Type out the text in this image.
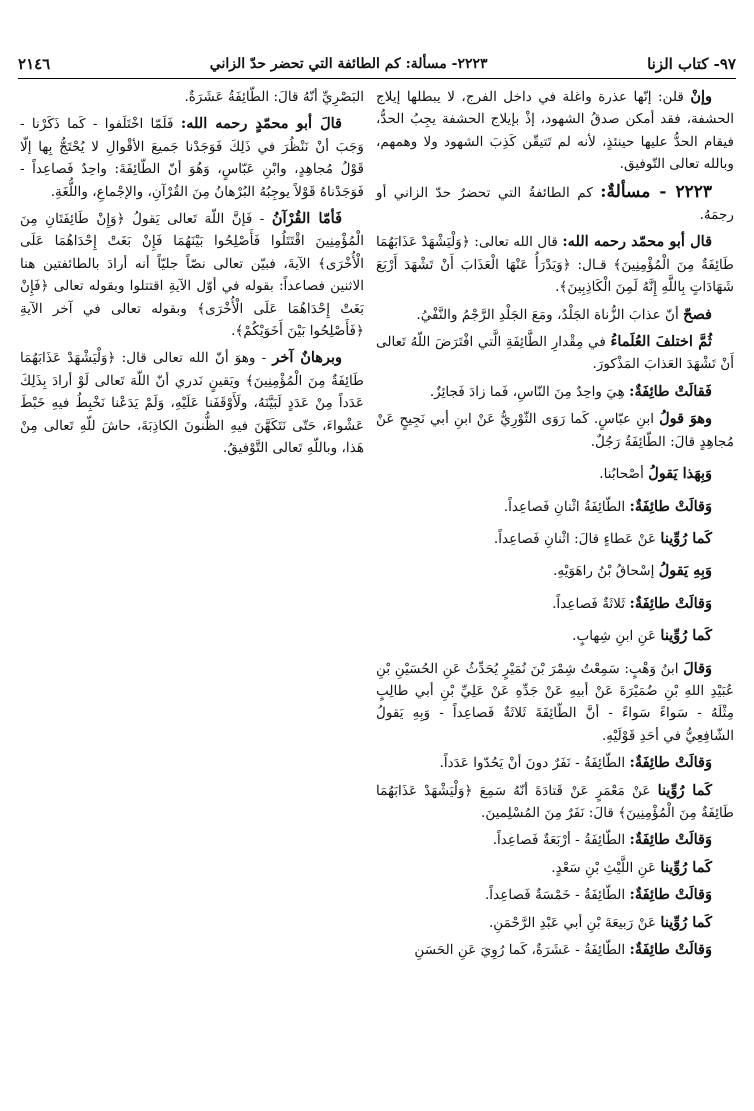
٩٧- كتاب الزنا
٢٢٢٣- مسألة: كم الطائفة التي تحضر حدّ الزاني
٢١٤٦

وإنْ قلن: إنّها عذرة واغلة في داخل الفرج، لا يبطلها إيلاج الحشفة، فقد أمكن صدقُ الشهود، إذْ بإيلاج الحشفة يجِبُ الحدُّ، فيقام الحدُّ عليها حينئذٍ، لأنه لم تَتيقّن كَذِبَ الشهود ولا وهمهم، وبالله تعالى التّوفيق.

٢٢٢٣ - مسألةٌ: كم الطائفةُ التي تحضرُ حدّ الزاني أو رجمَهُ.

قال أبو محمّد رحمه الله: قال الله تعالى: ﴿وَلْيَشْهَدْ عَذَابَهُمَا طَائِفَةٌ مِنَ الْمُؤْمِنِينَ﴾ قـال: ﴿وَيَدْرَأُ عَنْهَا الْعَذَابَ أَنْ تَشْهَدَ أَرْبَعَ شَهَادَاتٍ بِاللَّهِ إِنَّهُ لَمِنَ الْكَاذِبِينَ﴾.

فصحّ أنّ عذابَ الزُّناة الجَلْدُ، ومَعَ الجَلْدِ الرَّجْمُ والنَّفْيُ.

ثُمَّ اختلفَ العُلَماءُ في مِقْدارِ الطَّائِفَةِ الَّتي افْتَرَضَ اللّهُ تَعالى أَنْ تَشْهَدَ العَذابَ المَذْكورَ.

فَقالَتْ طائِفَةٌ: هِيَ واحِدٌ مِنَ النّاسِ، فَما زادَ فَجائِزٌ.

وهوَ قولُ ابنِ عبّاسٍ. كَما رَوَى الثّوْرِيُّ عَنْ ابنِ أبي نَجِيحٍ عَنْ مُجاهِدٍ قالَ: الطّائِفَةُ رَجُلٌ.

وَبِهَذا يَقولُ أصْحابُنا.

وَقالَتْ طائِفَةٌ: الطّائِفَةُ اثْنانِ فَصاعِداً.

كَما رُوِّينا عَنْ عَطاءٍ قالَ: اثْنانِ فَصاعِداً.

وَبِهِ يَقولُ إسْحاقُ بْنُ راهَوَيْهِ.

وَقالَتْ طائِفَةٌ: ثَلاثَةٌ فَصاعِداً.

كَما رُوِّينا عَنِ ابنِ شِهابٍ.

وَقالَ ابنُ وَهْبٍ: سَمِعْتُ شِمْرَ بْنَ نُمَيْرٍ يُحَدِّثُ عَنِ الحُسَيْنِ بْنِ عُبَيْدِ اللهِ بْنِ ضُمَيْرَةَ عَنْ أبيهِ عَنْ جَدِّهِ عَنْ عَلِيِّ بْنِ أبي طالِبٍ مِثْلَهُ - سَواءً سَواءً - أنَّ الطّائِفَةَ ثَلاثَةٌ فَصاعِداً - وَبِهِ يَقولُ الشّافِعِيُّ في أحَدِ قَوْلَيْهِ.

وَقالَتْ طائِفَةٌ: الطّائِفَةُ - نَفَرٌ دونَ أنْ يَحُدّوا عَدَداً.

كَما رُوِّينا عَنْ مَعْمَرٍ عَنْ قَتادَةَ أنّهُ سَمِعَ ﴿وَلْيَشْهَدْ عَذَابَهُمَا طَائِفَةٌ مِنَ الْمُؤْمِنِينَ﴾ قالَ: نَفَرٌ مِنَ المُسْلِمينَ.

وَقالَتْ طائِفَةٌ: الطّائِفَةُ - أرْبَعَةٌ فَصاعِداً.

كَما رُوِّينا عَنِ اللَّيْثِ بْنِ سَعْدٍ.

وَقالَتْ طائِفَةٌ: الطّائِفَةُ - خَمْسَةٌ فَصاعِداً.

كَما رُوِّينا عَنْ رَبيعَةَ بْنِ أبي عَبْدِ الرَّحْمَنِ.

وَقالَتْ طائِفَةٌ: الطّائِفَةُ - عَشَرَةٌ، كَما رُوِيَ عَنِ الحَسَنِ

البَصْرِيِّ أنّهُ قالَ: الطّائِفَةُ عَشَرَةٌ.

قالَ أبو محمّدٍ رحمه الله: فَلَمّا اخْتَلَفوا - كَما ذَكَرْنا - وَجَبَ أنْ نَنْظُرَ في ذَلِكَ فَوَجَدْنا جَميعَ الأقْوالِ لا يُحْتَجُّ بِها إلّا قَوْلُ مُجاهِدٍ، وابْنِ عَبّاسٍ، وَهُوَ أنّ الطّائِفَةَ: واحِدٌ فَصاعِداً - فَوَجَدْناهُ قَوْلاً يوجِبُهُ البُرْهانُ مِنَ القُرْآنِ، والإجْماعِ، واللُّغَةِ.

فَأمّا القُرْآنُ - فَإنَّ اللّهَ تَعالى يَقولُ ﴿وَإِنْ طَائِفَتَانِ مِنَ الْمُؤْمِنِينَ اقْتَتَلُوا فَأَصْلِحُوا بَيْنَهُمَا فَإِنْ بَغَتْ إِحْدَاهُمَا عَلَى الْأُخْرَى﴾ الآيةَ، فبيّن تعالى نصّاً جليّاً أنه أرادَ بالطائفتين هنا الاثنين فصاعداً: بقوله في أوّل الآيةِ اقتتلوا وبقوله تعالى ﴿فَإِنْ بَغَتْ إِحْدَاهُمَا عَلَى الْأُخْرَى﴾ وبقوله تعالى في آخر الآيةِ ﴿فَأَصْلِحُوا بَيْنَ أَخَوَيْكُمْ﴾.

وبرهانٌ آخر - وهوَ أنّ الله تعالى قال: ﴿وَلْيَشْهَدْ عَذَابَهُمَا طَائِفَةٌ مِنَ الْمُؤْمِنِينَ﴾ ويَقينٍ نَدري أنّ اللّهَ تَعالى لَوْ أرادَ بِذَلِكَ عَدَداً مِنْ عَدَدٍ لَبَيَّنَهُ، ولَأَوْقَفَنا عَلَيْهِ، وَلَمْ يَدَعْنا نَخْبِطُ فيهِ خَبْطَ عَشْواءَ، حَتّى نَتَكَهَّنَ فيهِ الظُّنونَ الكاذِبَةَ، حاشَ للّهِ تَعالى مِنْ هَذا، وباللّهِ تَعالى التَّوْفيقُ.
